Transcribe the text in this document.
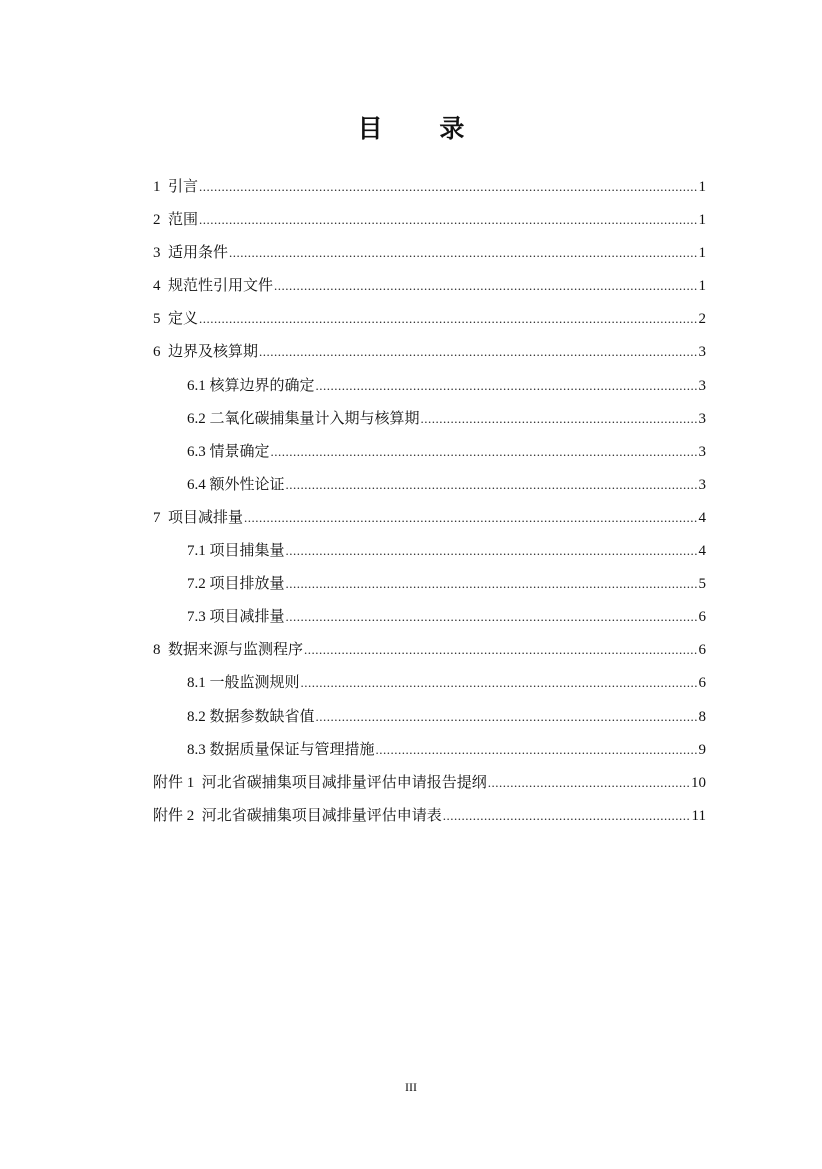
目 录
1 引言 .....	1
2 范围 .....	1
3 适用条件 .....	1
4 规范性引用文件 .....	1
5 定义 .....	2
6 边界及核算期 .....	3
6.1 核算边界的确定 .....	3
6.2 二氧化碳捕集量计入期与核算期 .....	3
6.3 情景确定 .....	3
6.4 额外性论证 .....	3
7 项目减排量 .....	4
7.1 项目捕集量 .....	4
7.2 项目排放量 .....	5
7.3 项目减排量 .....	6
8 数据来源与监测程序 .....	6
8.1 一般监测规则 .....	6
8.2 数据参数缺省值 .....	8
8.3 数据质量保证与管理措施 .....	9
附件 1 河北省碳捕集项目减排量评估申请报告提纲 .....	10
附件 2 河北省碳捕集项目减排量评估申请表 .....	11
III
